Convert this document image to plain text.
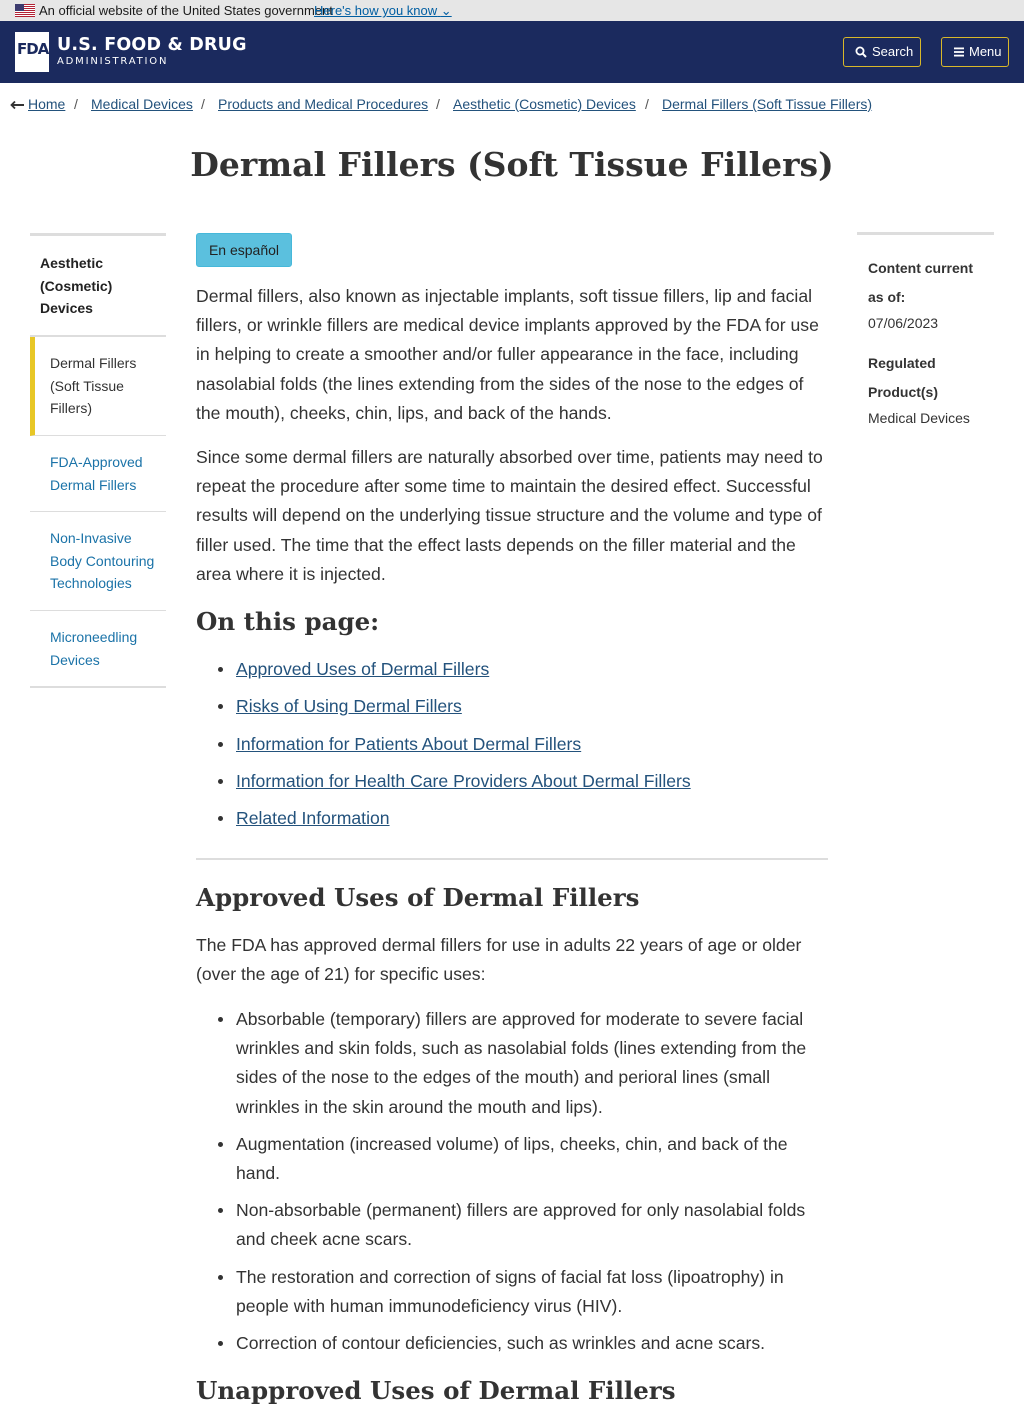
An official website of the United States government
Here's how you know ⌄
FDA U.S. FOOD & DRUG
ADMINISTRATION
Search	Menu
Home / Medical Devices / Products and Medical Procedures / Aesthetic (Cosmetic) Devices / Dermal Fillers (Soft Tissue Fillers)
Dermal Fillers (Soft Tissue Fillers)
Aesthetic (Cosmetic) Devices
Dermal Fillers (Soft Tissue Fillers)
FDA-Approved Dermal Fillers
Non-Invasive Body Contouring Technologies
Microneedling Devices
Content current as of:
07/06/2023
Regulated Product(s)
Medical Devices
En español

Dermal fillers, also known as injectable implants, soft tissue fillers, lip and facial fillers, or wrinkle fillers are medical device implants approved by the FDA for use in helping to create a smoother and/or fuller appearance in the face, including nasolabial folds (the lines extending from the sides of the nose to the edges of the mouth), cheeks, chin, lips, and back of the hands.

Since some dermal fillers are naturally absorbed over time, patients may need to repeat the procedure after some time to maintain the desired effect. Successful results will depend on the underlying tissue structure and the volume and type of filler used. The time that the effect lasts depends on the filler material and the area where it is injected.

On this page:
Approved Uses of Dermal Fillers
Risks of Using Dermal Fillers
Information for Patients About Dermal Fillers
Information for Health Care Providers About Dermal Fillers
Related Information
Approved Uses of Dermal Fillers

The FDA has approved dermal fillers for use in adults 22 years of age or older (over the age of 21) for specific uses:

Absorbable (temporary) fillers are approved for moderate to severe facial wrinkles and skin folds, such as nasolabial folds (lines extending from the sides of the nose to the edges of the mouth) and perioral lines (small wrinkles in the skin around the mouth and lips).
Augmentation (increased volume) of lips, cheeks, chin, and back of the hand.
Non-absorbable (permanent) fillers are approved for only nasolabial folds and cheek acne scars.
The restoration and correction of signs of facial fat loss (lipoatrophy) in people with human immunodeficiency virus (HIV).
Correction of contour deficiencies, such as wrinkles and acne scars.
Unapproved Uses of Dermal Fillers
